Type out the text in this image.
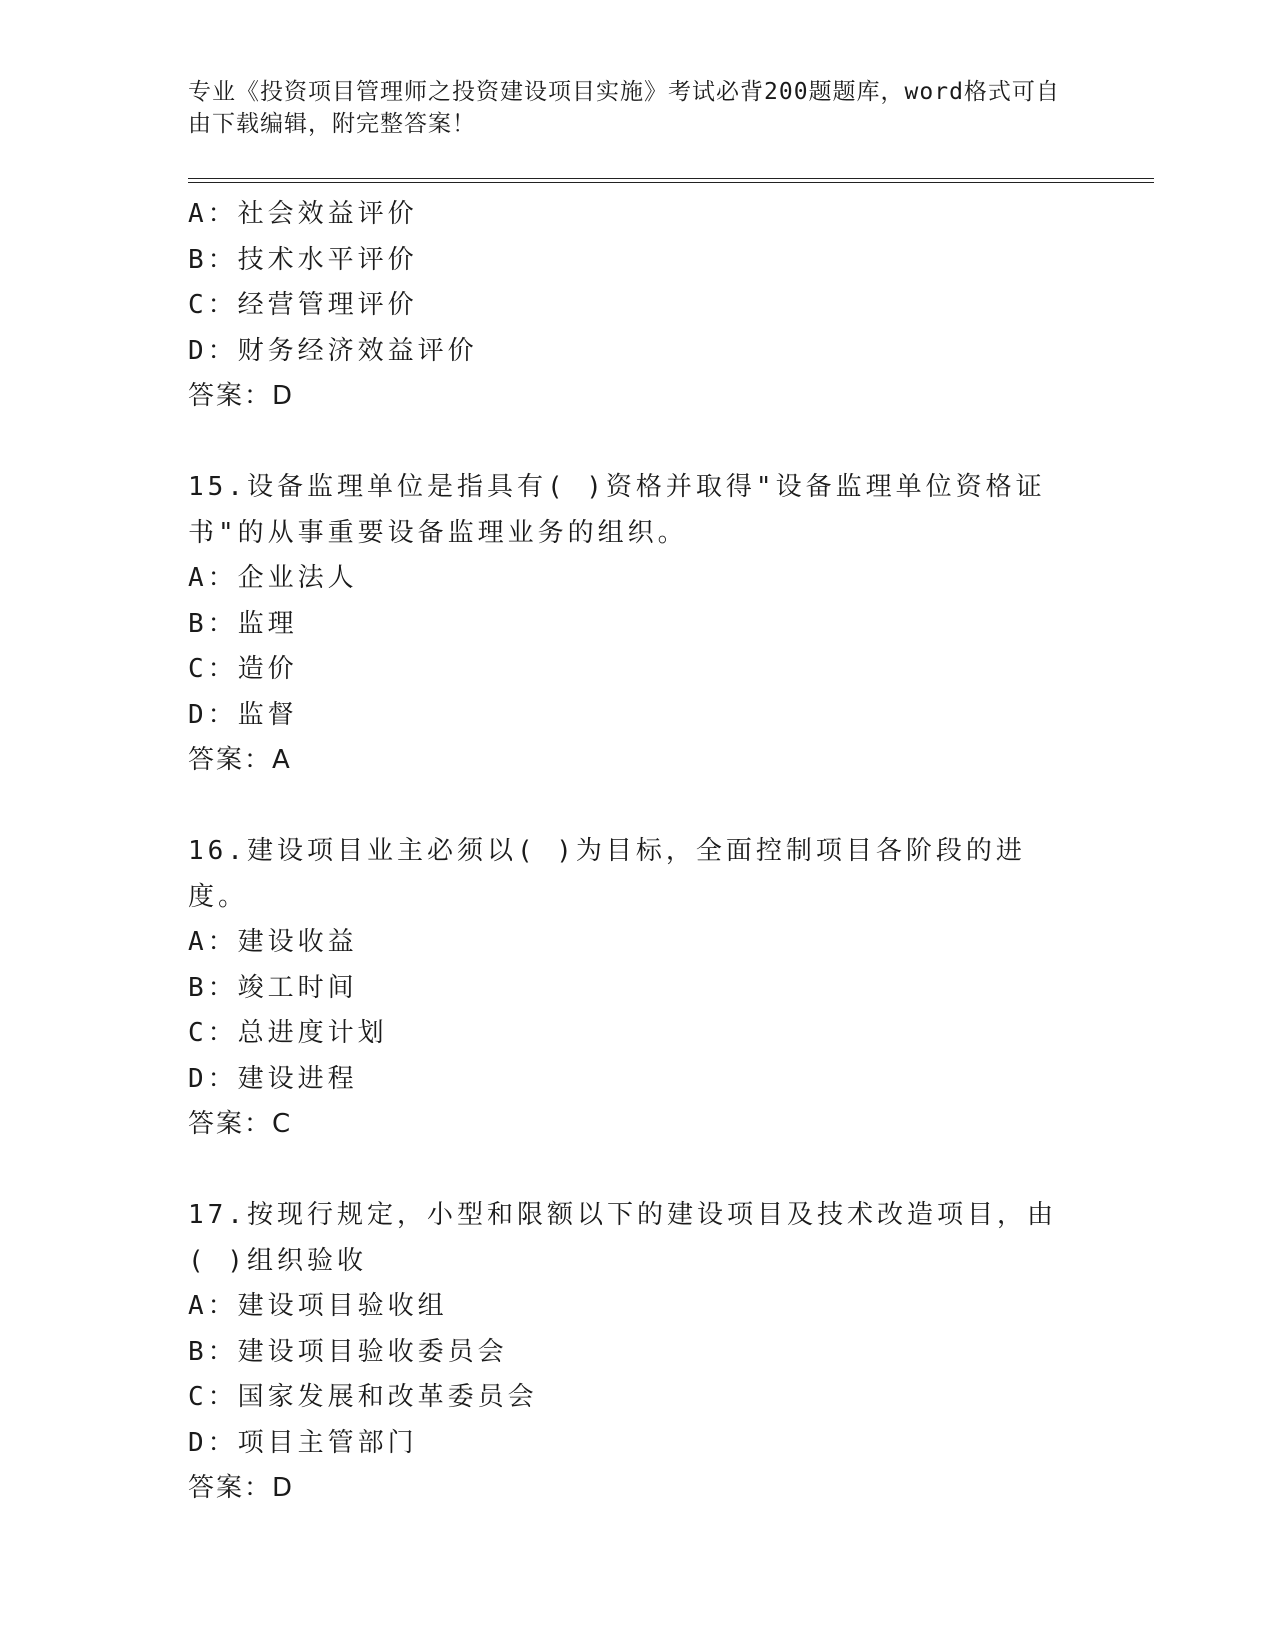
专业《投资项目管理师之投资建设项目实施》考试必背200题题库，word格式可自由下载编辑，附完整答案！
A：社会效益评价
B：技术水平评价
C：经营管理评价
D：财务经济效益评价
答案：D
15.设备监理单位是指具有( )资格并取得"设备监理单位资格证书"的从事重要设备监理业务的组织。
A：企业法人
B：监理
C：造价
D：监督
答案：A
16.建设项目业主必须以( )为目标，全面控制项目各阶段的进度。
A：建设收益
B：竣工时间
C：总进度计划
D：建设进程
答案：C
17.按现行规定，小型和限额以下的建设项目及技术改造项目，由( )组织验收
A：建设项目验收组
B：建设项目验收委员会
C：国家发展和改革委员会
D：项目主管部门
答案：D
